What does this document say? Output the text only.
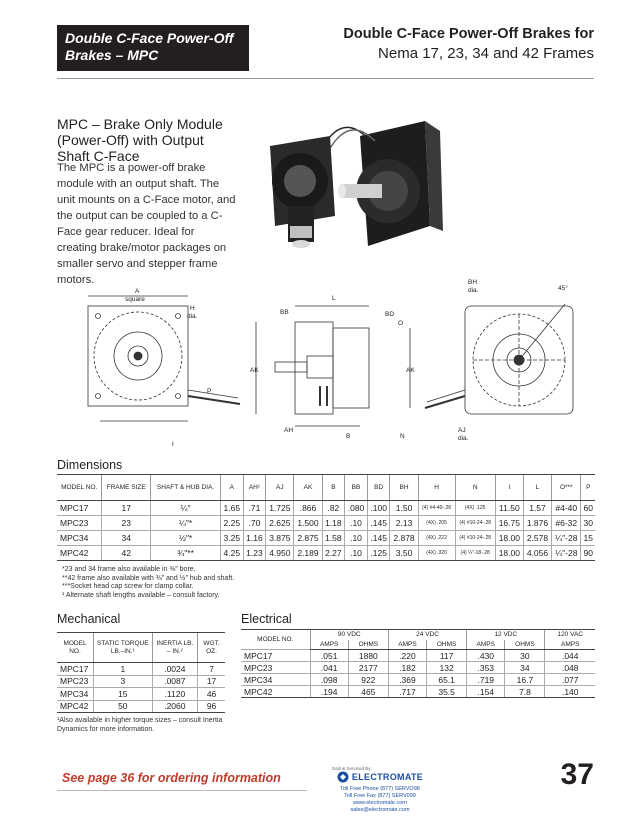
Double C-Face Power-Off
Brakes – MPC
Double C-Face Power-Off Brakes for
Nema 17, 23, 34 and 42 Frames
MPC – Brake Only Module (Power-Off) with Output Shaft C-Face
The MPC is a power-off brake module with an output shaft. The unit mounts on a C-Face motor, and the output can be coupled to a C-Face gear reducer. Ideal for creating brake/motor packages on smaller servo and stepper frame motors.
A
square
H
dia.
P
I
BB
L
BD
O
AK	AK
AH
B	N
BH
dia.	45°
AJ
dia.
Dimensions
MODEL NO.	FRAME SIZE	SHAFT & HUB DIA.	A	AH¹	AJ	AK	B	BB	BD	BH	H	N	I	L	O***	P
MPC17	17	¼″	1.65	.71	1.725	.866	.82	.080	.100	1.50	(4) #4-40-.28	(4X) .125	11.50	1.57	#4-40	60
MPC23	23	¼″*	2.25	.70	2.625	1.500	1.18	.10	.145	2.13	(4X) .205	(4) #10-24-.28	16.75	1.876	#6-32	30
MPC34	34	½″*	3.25	1.16	3.875	2.875	1.58	.10	.145	2.878	(4X) .222	(4) #10-24-.28	18.00	2.578	¼″-28	15
MPC42	42	¾″**	4.25	1.23	4.950	2.189	2.27	.10	.125	3.50	(4X) .320	(4) ¼″-18-.28	18.00	4.056	¼″-28	90
*23 and 34 frame also available in ⅜″ bore.
**42 frame also available with ⅜″ and ½″ hub and shaft.
***Socket head cap screw for clamp collar.
¹ Alternate shaft lengths available – consult factory.
Mechanical
MODEL NO.	STATIC TORQUE LB.–IN.¹	INERTIA LB. – IN.²	WGT. OZ.
MPC17	1	.0024	7
MPC23	3	.0087	17
MPC34	15	.1120	46
MPC42	50	.2060	96
¹Also available in higher torque sizes – consult Inertia Dynamics for more information.
Electrical
MODEL NO.	90 VDC		24 VDC		12 VDC		120 VAC
	AMPS	OHMS	AMPS	OHMS	AMPS	OHMS	AMPS
MPC17	.051	1880	.220	117	.430	30	.044
MPC23	.041	2177	.182	132	.353	34	.048
MPC34	.098	922	.369	65.1	.719	16.7	.077
MPC42	.194	465	.717	35.5	.154	7.8	.140
See page 36 for ordering information
Sold & Serviced By:
ELECTROMATE
Toll Free Phone (877) SERVO98
Toll Free Fax (877) SERV099
www.electromate.com
sales@electromate.com
37
